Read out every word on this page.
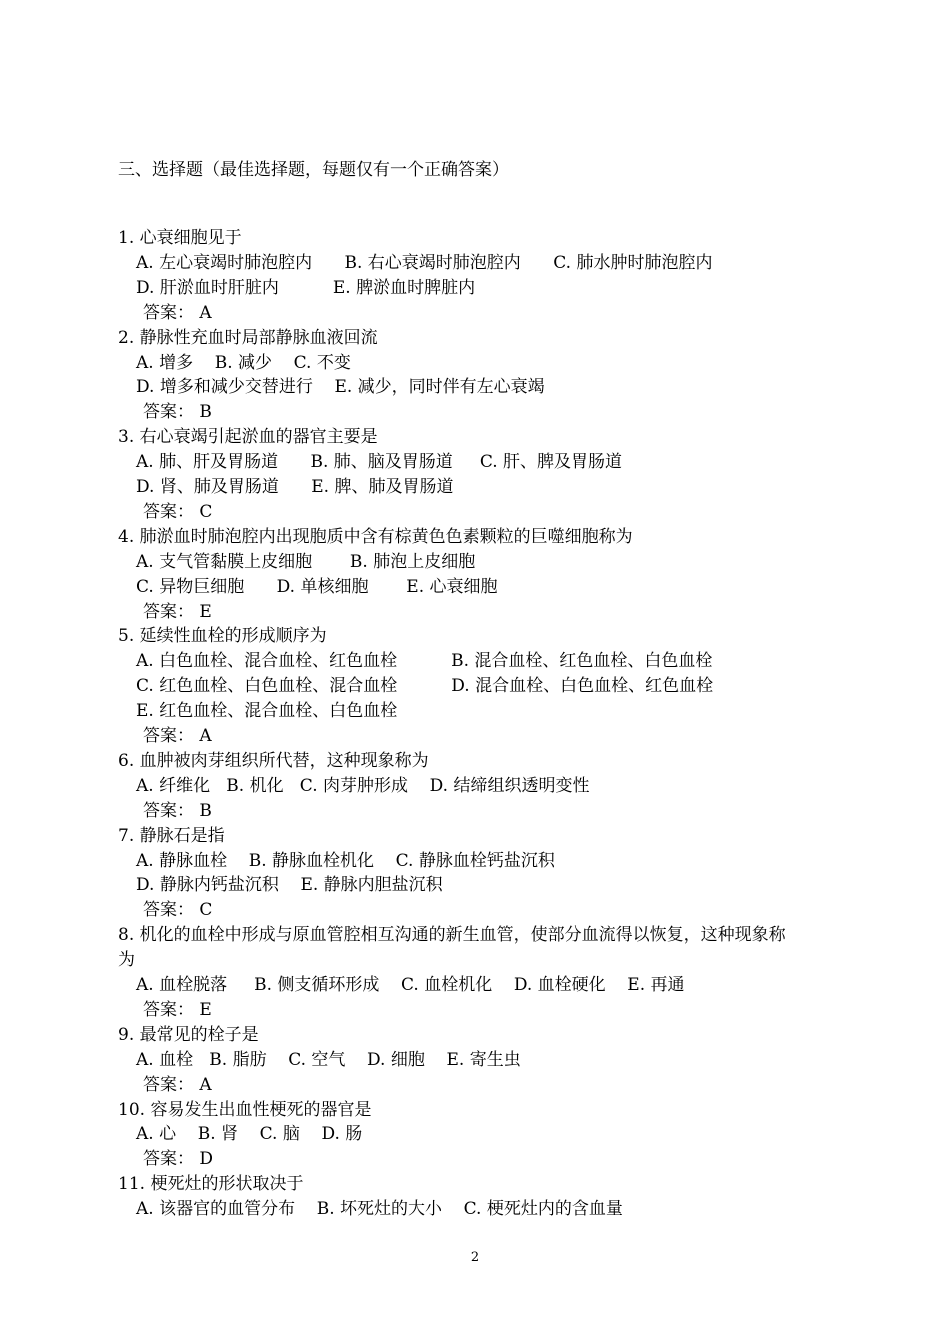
三、选择题（最佳选择题，每题仅有一个正确答案）
1. 心衰细胞见于
A. 左心衰竭时肺泡腔内      B. 右心衰竭时肺泡腔内      C. 肺水肿时肺泡腔内
D. 肝淤血时肝脏内          E. 脾淤血时脾脏内
答案： A
2. 静脉性充血时局部静脉血液回流
A. 增多    B. 减少    C. 不变
D. 增多和减少交替进行    E. 减少，同时伴有左心衰竭
答案： B
3. 右心衰竭引起淤血的器官主要是
A. 肺、肝及胃肠道      B. 肺、脑及胃肠道     C. 肝、脾及胃肠道
D. 肾、肺及胃肠道      E. 脾、肺及胃肠道
答案： C
4. 肺淤血时肺泡腔内出现胞质中含有棕黄色色素颗粒的巨噬细胞称为
A. 支气管黏膜上皮细胞       B. 肺泡上皮细胞
C. 异物巨细胞      D. 单核细胞       E. 心衰细胞
答案： E
5. 延续性血栓的形成顺序为
A. 白色血栓、混合血栓、红色血栓          B. 混合血栓、红色血栓、白色血栓
C. 红色血栓、白色血栓、混合血栓          D. 混合血栓、白色血栓、红色血栓
E. 红色血栓、混合血栓、白色血栓
答案： A
6. 血肿被肉芽组织所代替，这种现象称为
A. 纤维化   B. 机化   C. 肉芽肿形成    D. 结缔组织透明变性
答案： B
7. 静脉石是指
A. 静脉血栓    B. 静脉血栓机化    C. 静脉血栓钙盐沉积
D. 静脉内钙盐沉积    E. 静脉内胆盐沉积
答案： C
8. 机化的血栓中形成与原血管腔相互沟通的新生血管，使部分血流得以恢复，这种现象称
为
A. 血栓脱落     B. 侧支循环形成    C. 血栓机化    D. 血栓硬化    E. 再通
答案： E
9. 最常见的栓子是
A. 血栓   B. 脂肪    C. 空气    D. 细胞    E. 寄生虫
答案： A
10. 容易发生出血性梗死的器官是
A. 心    B. 肾    C. 脑    D. 肠
答案： D
11. 梗死灶的形状取决于
A. 该器官的血管分布    B. 坏死灶的大小    C. 梗死灶内的含血量
2
